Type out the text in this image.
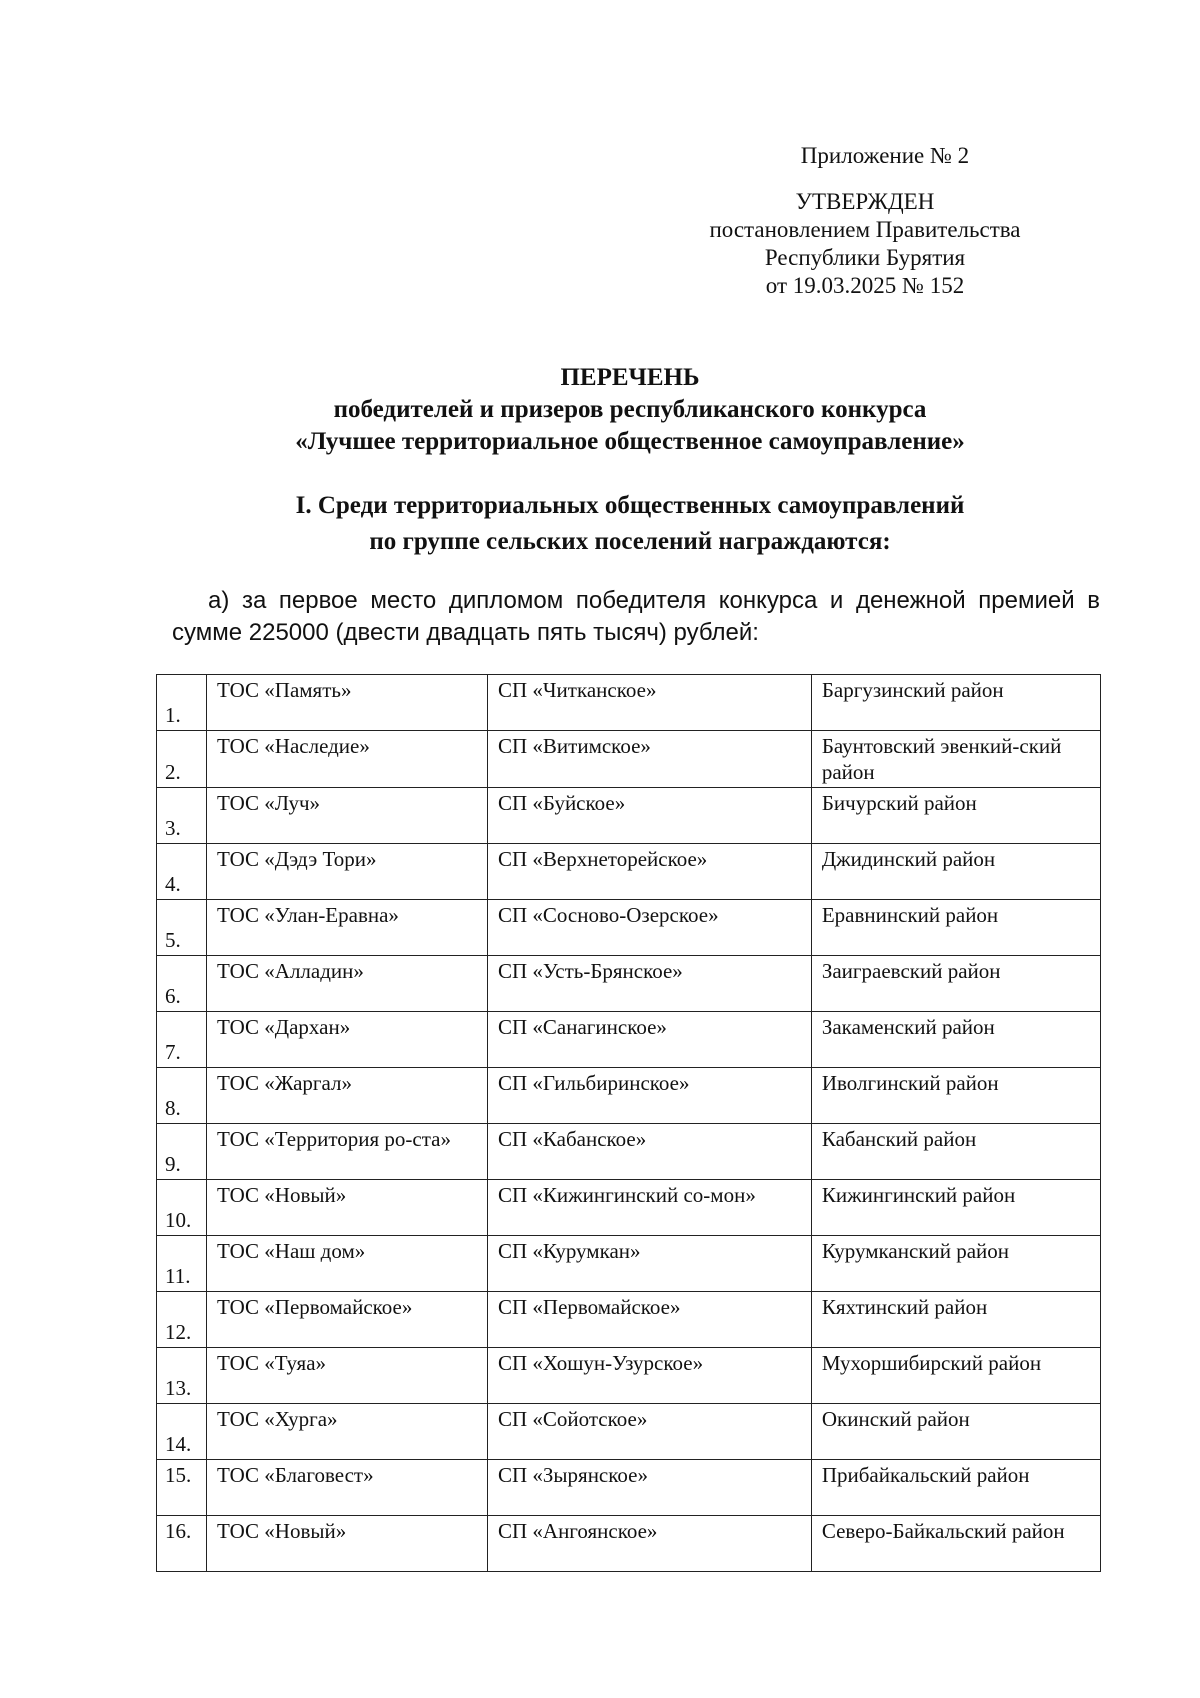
Приложение № 2
УТВЕРЖДЕН
постановлением Правительства
Республики Бурятия
от 19.03.2025 № 152
ПЕРЕЧЕНЬ
победителей и призеров республиканского конкурса
«Лучшее территориальное общественное самоуправление»
I. Среди территориальных общественных самоуправлений
по группе сельских поселений награждаются:
а) за первое место дипломом победителя конкурса и денежной премией в сумме 225000 (двести двадцать пять тысяч) рублей:
1.	ТОС «Память»	СП «Читканское»	Баргузинский район
2.	ТОС «Наследие»	СП «Витимское»	Баунтовский эвенкий-ский район
3.	ТОС «Луч»	СП «Буйское»	Бичурский район
4.	ТОС «Дэдэ Тори»	СП «Верхнеторейское»	Джидинский район
5.	ТОС «Улан-Еравна»	СП «Сосново-Озерское»	Еравнинский район
6.	ТОС «Алладин»	СП «Усть-Брянское»	Заиграевский район
7.	ТОС «Дархан»	СП «Санагинское»	Закаменский район
8.	ТОС «Жаргал»	СП «Гильбиринское»	Иволгинский район
9.	ТОС «Территория ро-ста»	СП «Кабанское»	Кабанский район
10.	ТОС «Новый»	СП «Кижингинский со-мон»	Кижингинский район
11.	ТОС «Наш дом»	СП «Курумкан»	Курумканский район
12.	ТОС «Первомайское»	СП «Первомайское»	Кяхтинский район
13.	ТОС «Туяа»	СП «Хошун-Узурское»	Мухоршибирский район
14.	ТОС «Хурга»	СП «Сойотское»	Окинский район
15.	ТОС «Благовест»	СП «Зырянское»	Прибайкальский район
16.	ТОС «Новый»	СП «Ангоянское»	Северо-Байкальский район
